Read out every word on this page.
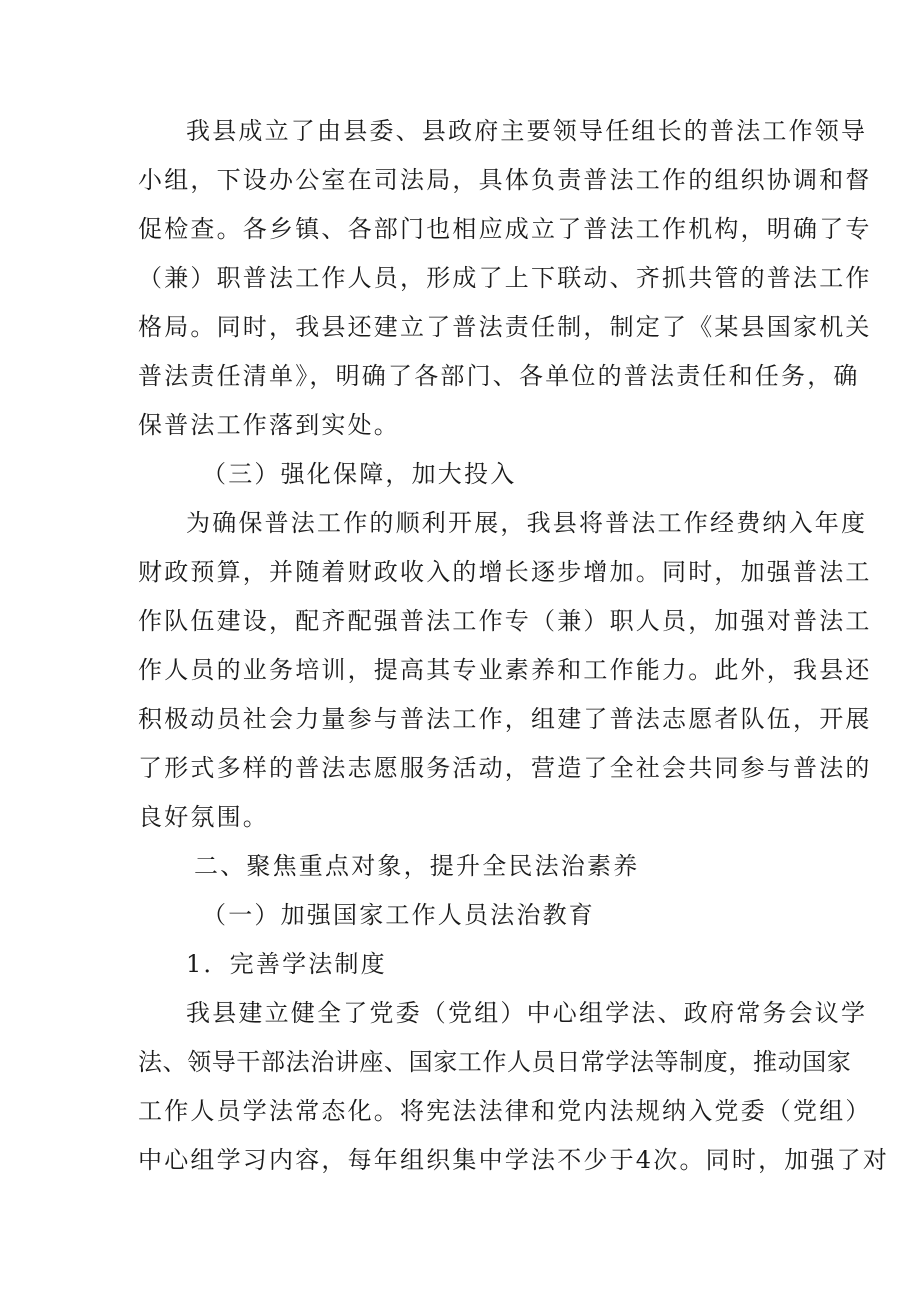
我县成立了由县委、县政府主要领导任组长的普法工作领导
小组，下设办公室在司法局，具体负责普法工作的组织协调和督
促检查。各乡镇、各部门也相应成立了普法工作机构，明确了专
（兼）职普法工作人员，形成了上下联动、齐抓共管的普法工作
格局。同时，我县还建立了普法责任制，制定了《某县国家机关
普法责任清单》，明确了各部门、各单位的普法责任和任务，确
保普法工作落到实处。
（三）强化保障，加大投入
为确保普法工作的顺利开展，我县将普法工作经费纳入年度
财政预算，并随着财政收入的增长逐步增加。同时，加强普法工
作队伍建设，配齐配强普法工作专（兼）职人员，加强对普法工
作人员的业务培训，提高其专业素养和工作能力。此外，我县还
积极动员社会力量参与普法工作，组建了普法志愿者队伍，开展
了形式多样的普法志愿服务活动，营造了全社会共同参与普法的
良好氛围。
二、聚焦重点对象，提升全民法治素养
（一）加强国家工作人员法治教育
1．完善学法制度
我县建立健全了党委（党组）中心组学法、政府常务会议学
法、领导干部法治讲座、国家工作人员日常学法等制度，推动国家
工作人员学法常态化。将宪法法律和党内法规纳入党委（党组）
中心组学习内容，每年组织集中学法不少于4次。同时，加强了对
